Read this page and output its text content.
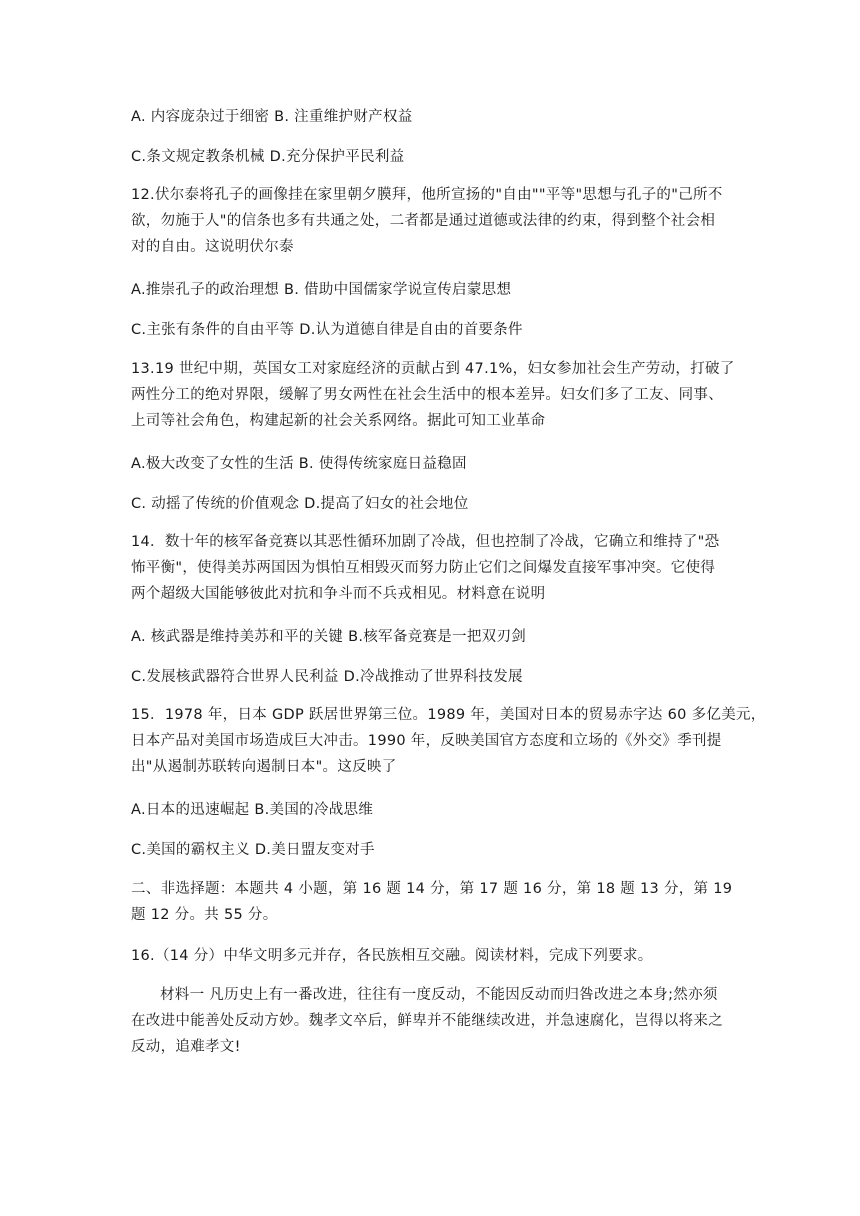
A. 内容庞杂过于细密 B. 注重维护财产权益
C.条文规定教条机械 D.充分保护平民利益
12.伏尔泰将孔子的画像挂在家里朝夕膜拜，他所宣扬的"自由""平等"思想与孔子的"己所不
欲，勿施于人"的信条也多有共通之处，二者都是通过道德或法律的约束，得到整个社会相
对的自由。这说明伏尔泰
A.推崇孔子的政治理想 B. 借助中国儒家学说宣传启蒙思想
C.主张有条件的自由平等 D.认为道德自律是自由的首要条件
13.19 世纪中期，英国女工对家庭经济的贡献占到 47.1%，妇女参加社会生产劳动，打破了
两性分工的绝对界限，缓解了男女两性在社会生活中的根本差异。妇女们多了工友、同事、
上司等社会角色，构建起新的社会关系网络。据此可知工业革命
A.极大改变了女性的生活 B. 使得传统家庭日益稳固
C. 动摇了传统的价值观念 D.提高了妇女的社会地位
14．数十年的核军备竞赛以其恶性循环加剧了冷战，但也控制了冷战，它确立和维持了"恐
怖平衡"，使得美苏两国因为惧怕互相毁灭而努力防止它们之间爆发直接军事冲突。它使得
两个超级大国能够彼此对抗和争斗而不兵戎相见。材料意在说明
A. 核武器是维持美苏和平的关键 B.核军备竞赛是一把双刃剑
C.发展核武器符合世界人民利益 D.冷战推动了世界科技发展
15．1978 年，日本 GDP 跃居世界第三位。1989 年，美国对日本的贸易赤字达 60 多亿美元，
日本产品对美国市场造成巨大冲击。1990 年，反映美国官方态度和立场的《外交》季刊提
出"从遏制苏联转向遏制日本"。这反映了
A.日本的迅速崛起 B.美国的冷战思维
C.美国的霸权主义 D.美日盟友变对手
二、非选择题：本题共 4 小题，第 16 题 14 分，第 17 题 16 分，第 18 题 13 分，第 19
题 12 分。共 55 分。
16.（14 分）中华文明多元并存，各民族相互交融。阅读材料，完成下列要求。
材料一 凡历史上有一番改进，往往有一度反动，不能因反动而归咎改进之本身;然亦须
在改进中能善处反动方妙。魏孝文卒后，鲜卑并不能继续改进，并急速腐化，岂得以将来之
反动，追难孝文!
